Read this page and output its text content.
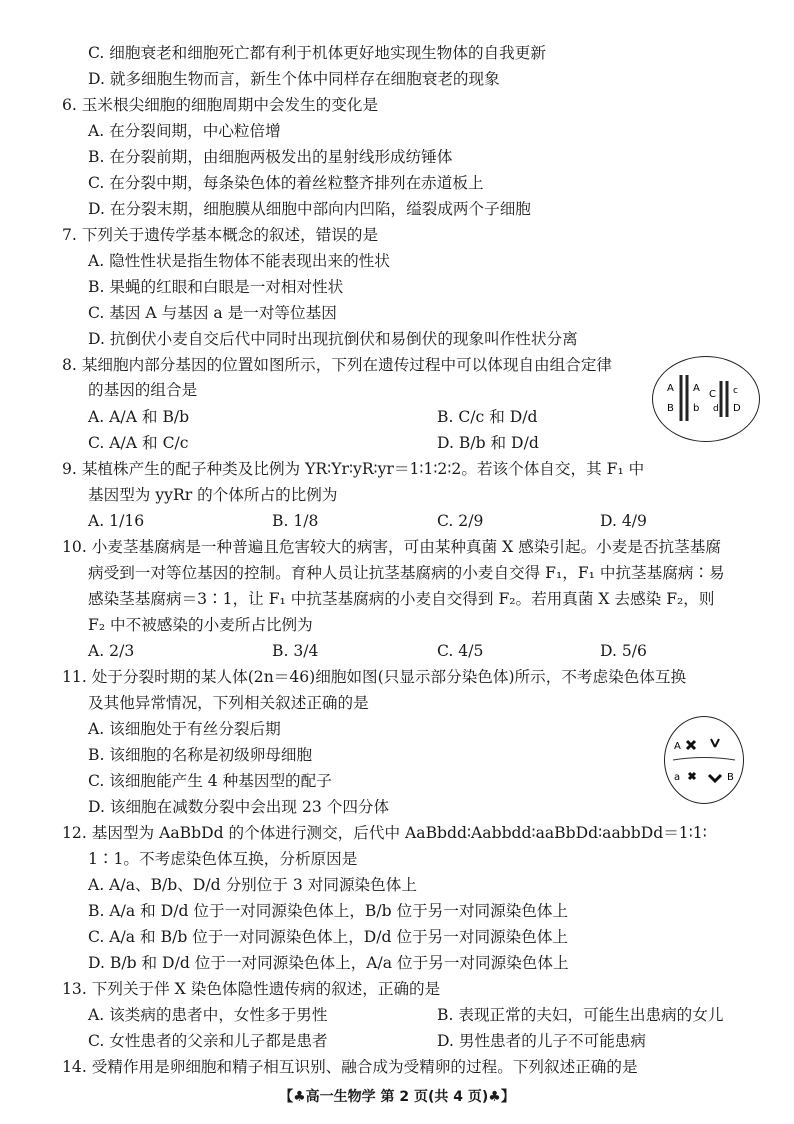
C. 细胞衰老和细胞死亡都有利于机体更好地实现生物体的自我更新
D. 就多细胞生物而言，新生个体中同样存在细胞衰老的现象
6. 玉米根尖细胞的细胞周期中会发生的变化是
A. 在分裂间期，中心粒倍增
B. 在分裂前期，由细胞两极发出的星射线形成纺锤体
C. 在分裂中期，每条染色体的着丝粒整齐排列在赤道板上
D. 在分裂末期，细胞膜从细胞中部向内凹陷，缢裂成两个子细胞
7. 下列关于遗传学基本概念的叙述，错误的是
A. 隐性性状是指生物体不能表现出来的性状
B. 果蝇的红眼和白眼是一对相对性状
C. 基因 A 与基因 a 是一对等位基因
D. 抗倒伏小麦自交后代中同时出现抗倒伏和易倒伏的现象叫作性状分离
8. 某细胞内部分基因的位置如图所示，下列在遗传过程中可以体现自由组合定律
的基因的组合是
A. A/A 和 B/b	B. C/c 和 D/d
C. A/A 和 C/c	D. B/b 和 D/d
9. 某植株产生的配子种类及比例为 YR∶Yr∶yR∶yr＝1∶1∶2∶2。若该个体自交，其 F₁ 中
基因型为 yyRr 的个体所占的比例为
A. 1/16	B. 1/8	C. 2/9	D. 4/9
10. 小麦茎基腐病是一种普遍且危害较大的病害，可由某种真菌 X 感染引起。小麦是否抗茎基腐
病受到一对等位基因的控制。育种人员让抗茎基腐病的小麦自交得 F₁，F₁ 中抗茎基腐病∶易
感染茎基腐病＝3∶1，让 F₁ 中抗茎基腐病的小麦自交得到 F₂。若用真菌 X 去感染 F₂，则
F₂ 中不被感染的小麦所占比例为
A. 2/3	B. 3/4	C. 4/5	D. 5/6
11. 处于分裂时期的某人体(2n＝46)细胞如图(只显示部分染色体)所示，不考虑染色体互换
及其他异常情况，下列相关叙述正确的是
A. 该细胞处于有丝分裂后期
B. 该细胞的名称是初级卵母细胞
C. 该细胞能产生 4 种基因型的配子
D. 该细胞在减数分裂中会出现 23 个四分体
12. 基因型为 AaBbDd 的个体进行测交，后代中 AaBbdd∶Aabbdd∶aaBbDd∶aabbDd＝1∶1∶
1∶1。不考虑染色体互换，分析原因是
A. A/a、B/b、D/d 分别位于 3 对同源染色体上
B. A/a 和 D/d 位于一对同源染色体上，B/b 位于另一对同源染色体上
C. A/a 和 B/b 位于一对同源染色体上，D/d 位于另一对同源染色体上
D. B/b 和 D/d 位于一对同源染色体上，A/a 位于另一对同源染色体上
13. 下列关于伴 X 染色体隐性遗传病的叙述，正确的是
A. 该类病的患者中，女性多于男性	B. 表现正常的夫妇，可能生出患病的女儿
C. 女性患者的父亲和儿子都是患者	D. 男性患者的儿子不可能患病
14. 受精作用是卵细胞和精子相互识别、融合成为受精卵的过程。下列叙述正确的是
A A
B b
C c
d D
A
a	B
【♣高一生物学 第 2 页(共 4 页)♣】
